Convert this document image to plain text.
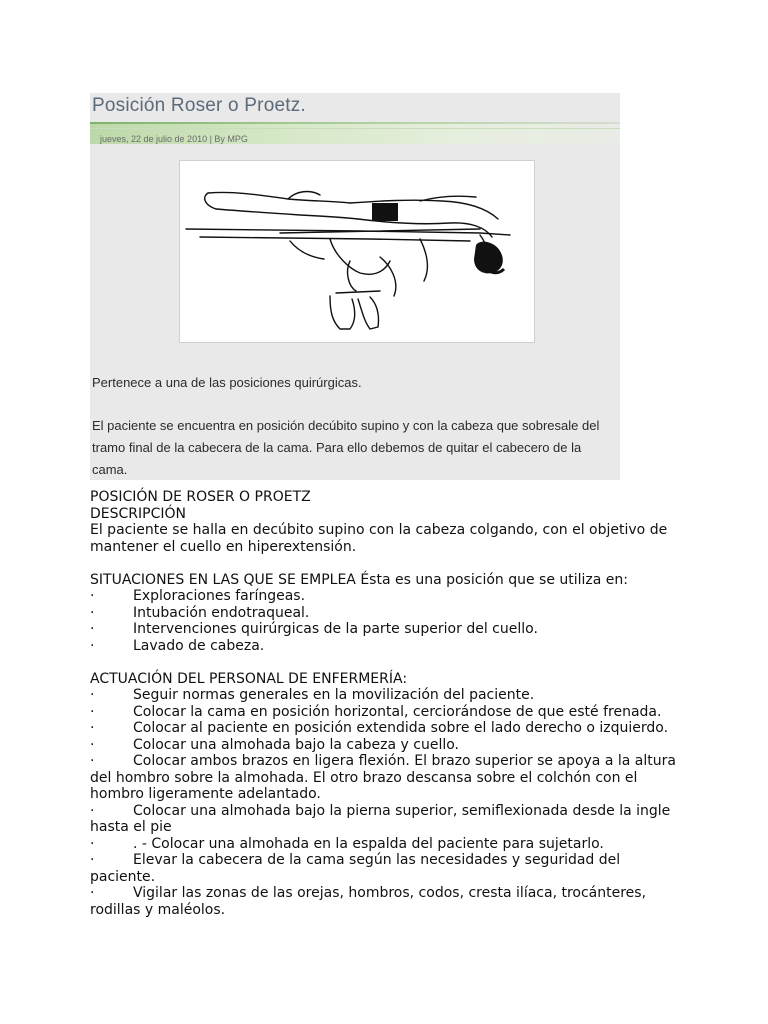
Posición Roser o Proetz.
jueves, 22 de julio de 2010 | By MPG
Pertenece a una de las posiciones quirúrgicas.
El paciente se encuentra en posición decúbito supino y con la cabeza que sobresale del tramo final de la cabecera de la cama. Para ello debemos de quitar el cabecero de la cama.
POSICIÓN DE ROSER O PROETZ
DESCRIPCIÓN
El paciente se halla en decúbito supino con la cabeza colgando, con el objetivo de mantener el cuello en hiperextensión.
SITUACIONES EN LAS QUE SE EMPLEA Ésta es una posición que se utiliza en:
·	Exploraciones faríngeas.
·	Intubación endotraqueal.
·	Intervenciones quirúrgicas de la parte superior del cuello.
·	Lavado de cabeza.
ACTUACIÓN DEL PERSONAL DE ENFERMERÍA:
·	Seguir normas generales en la movilización del paciente.
·	Colocar la cama en posición horizontal, cerciorándose de que esté frenada.
·	Colocar al paciente en posición extendida sobre el lado derecho o izquierdo.
·	Colocar una almohada bajo la cabeza y cuello.
·	Colocar ambos brazos en ligera flexión. El brazo superior se apoya a la altura del hombro sobre la almohada. El otro brazo descansa sobre el colchón con el hombro ligeramente adelantado.
·	Colocar una almohada bajo la pierna superior, semiflexionada desde la ingle hasta el pie
·	. - Colocar una almohada en la espalda del paciente para sujetarlo.
·	Elevar la cabecera de la cama según las necesidades y seguridad del paciente.
·	Vigilar las zonas de las orejas, hombros, codos, cresta ilíaca, trocánteres, rodillas y maléolos.
